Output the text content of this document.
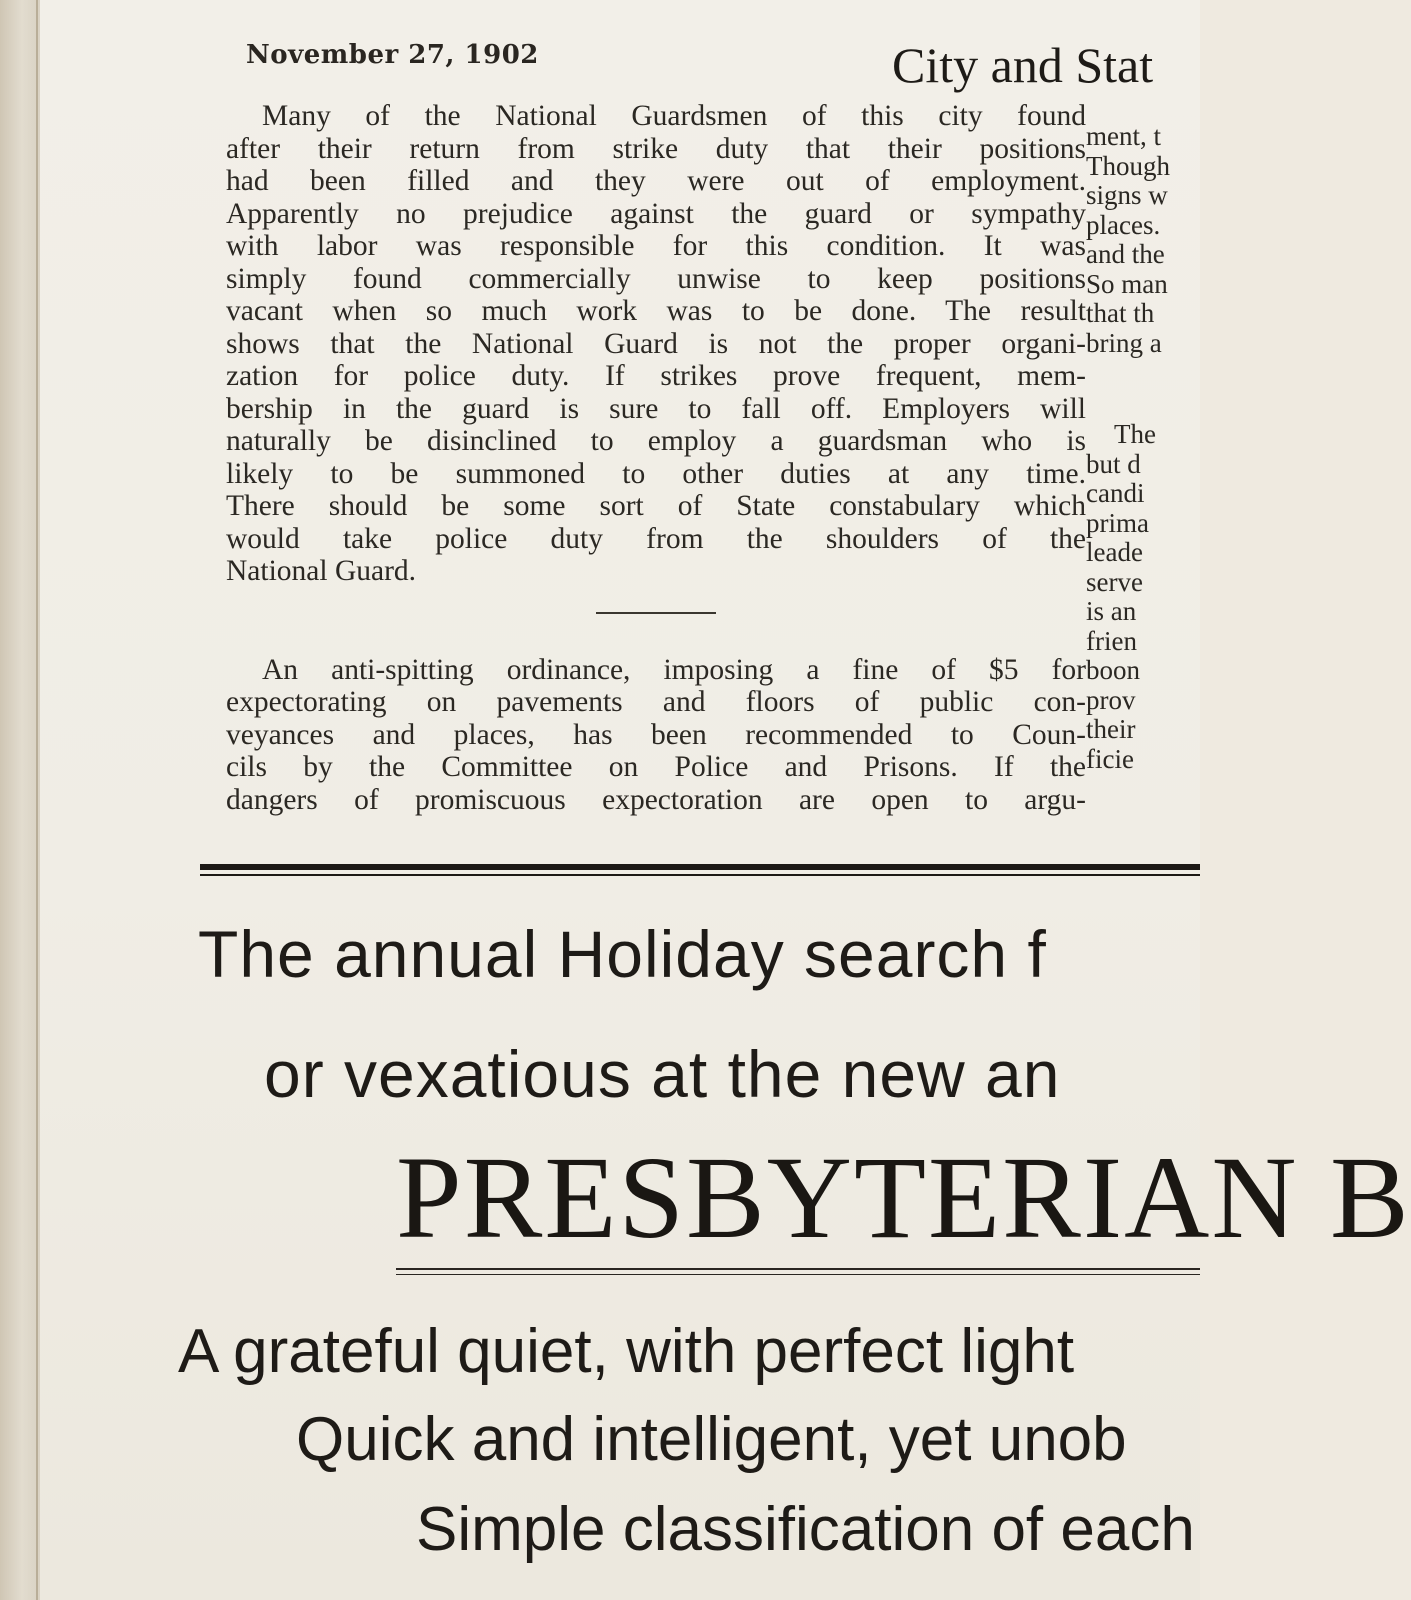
November 27, 1902	City and Stat
Many of the National Guardsmen of this city found
after their return from strike duty that their positions
had been filled and they were out of employment.
Apparently no prejudice against the guard or sympathy
with labor was responsible for this condition. It was
simply found commercially unwise to keep positions
vacant when so much work was to be done. The result
shows that the National Guard is not the proper organi-
zation for police duty. If strikes prove frequent, mem-
bership in the guard is sure to fall off. Employers will
naturally be disinclined to employ a guardsman who is
likely to be summoned to other duties at any time.
There should be some sort of State constabulary which
would take police duty from the shoulders of the
National Guard.
An anti-spitting ordinance, imposing a fine of $5 for
expectorating on pavements and floors of public con-
veyances and places, has been recommended to Coun-
cils by the Committee on Police and Prisons. If the
dangers of promiscuous expectoration are open to argu-
ment, t
Though
signs w
places.
and the
So man
that th
bring a
The
but d
candi
prima
leade
serve
is an
frien
boon
prov
their
ficie
The annual Holiday search f
or vexatious at the new an
PRESBYTERIAN B
A grateful quiet, with perfect light
Quick and intelligent, yet unob
Simple classification of each
